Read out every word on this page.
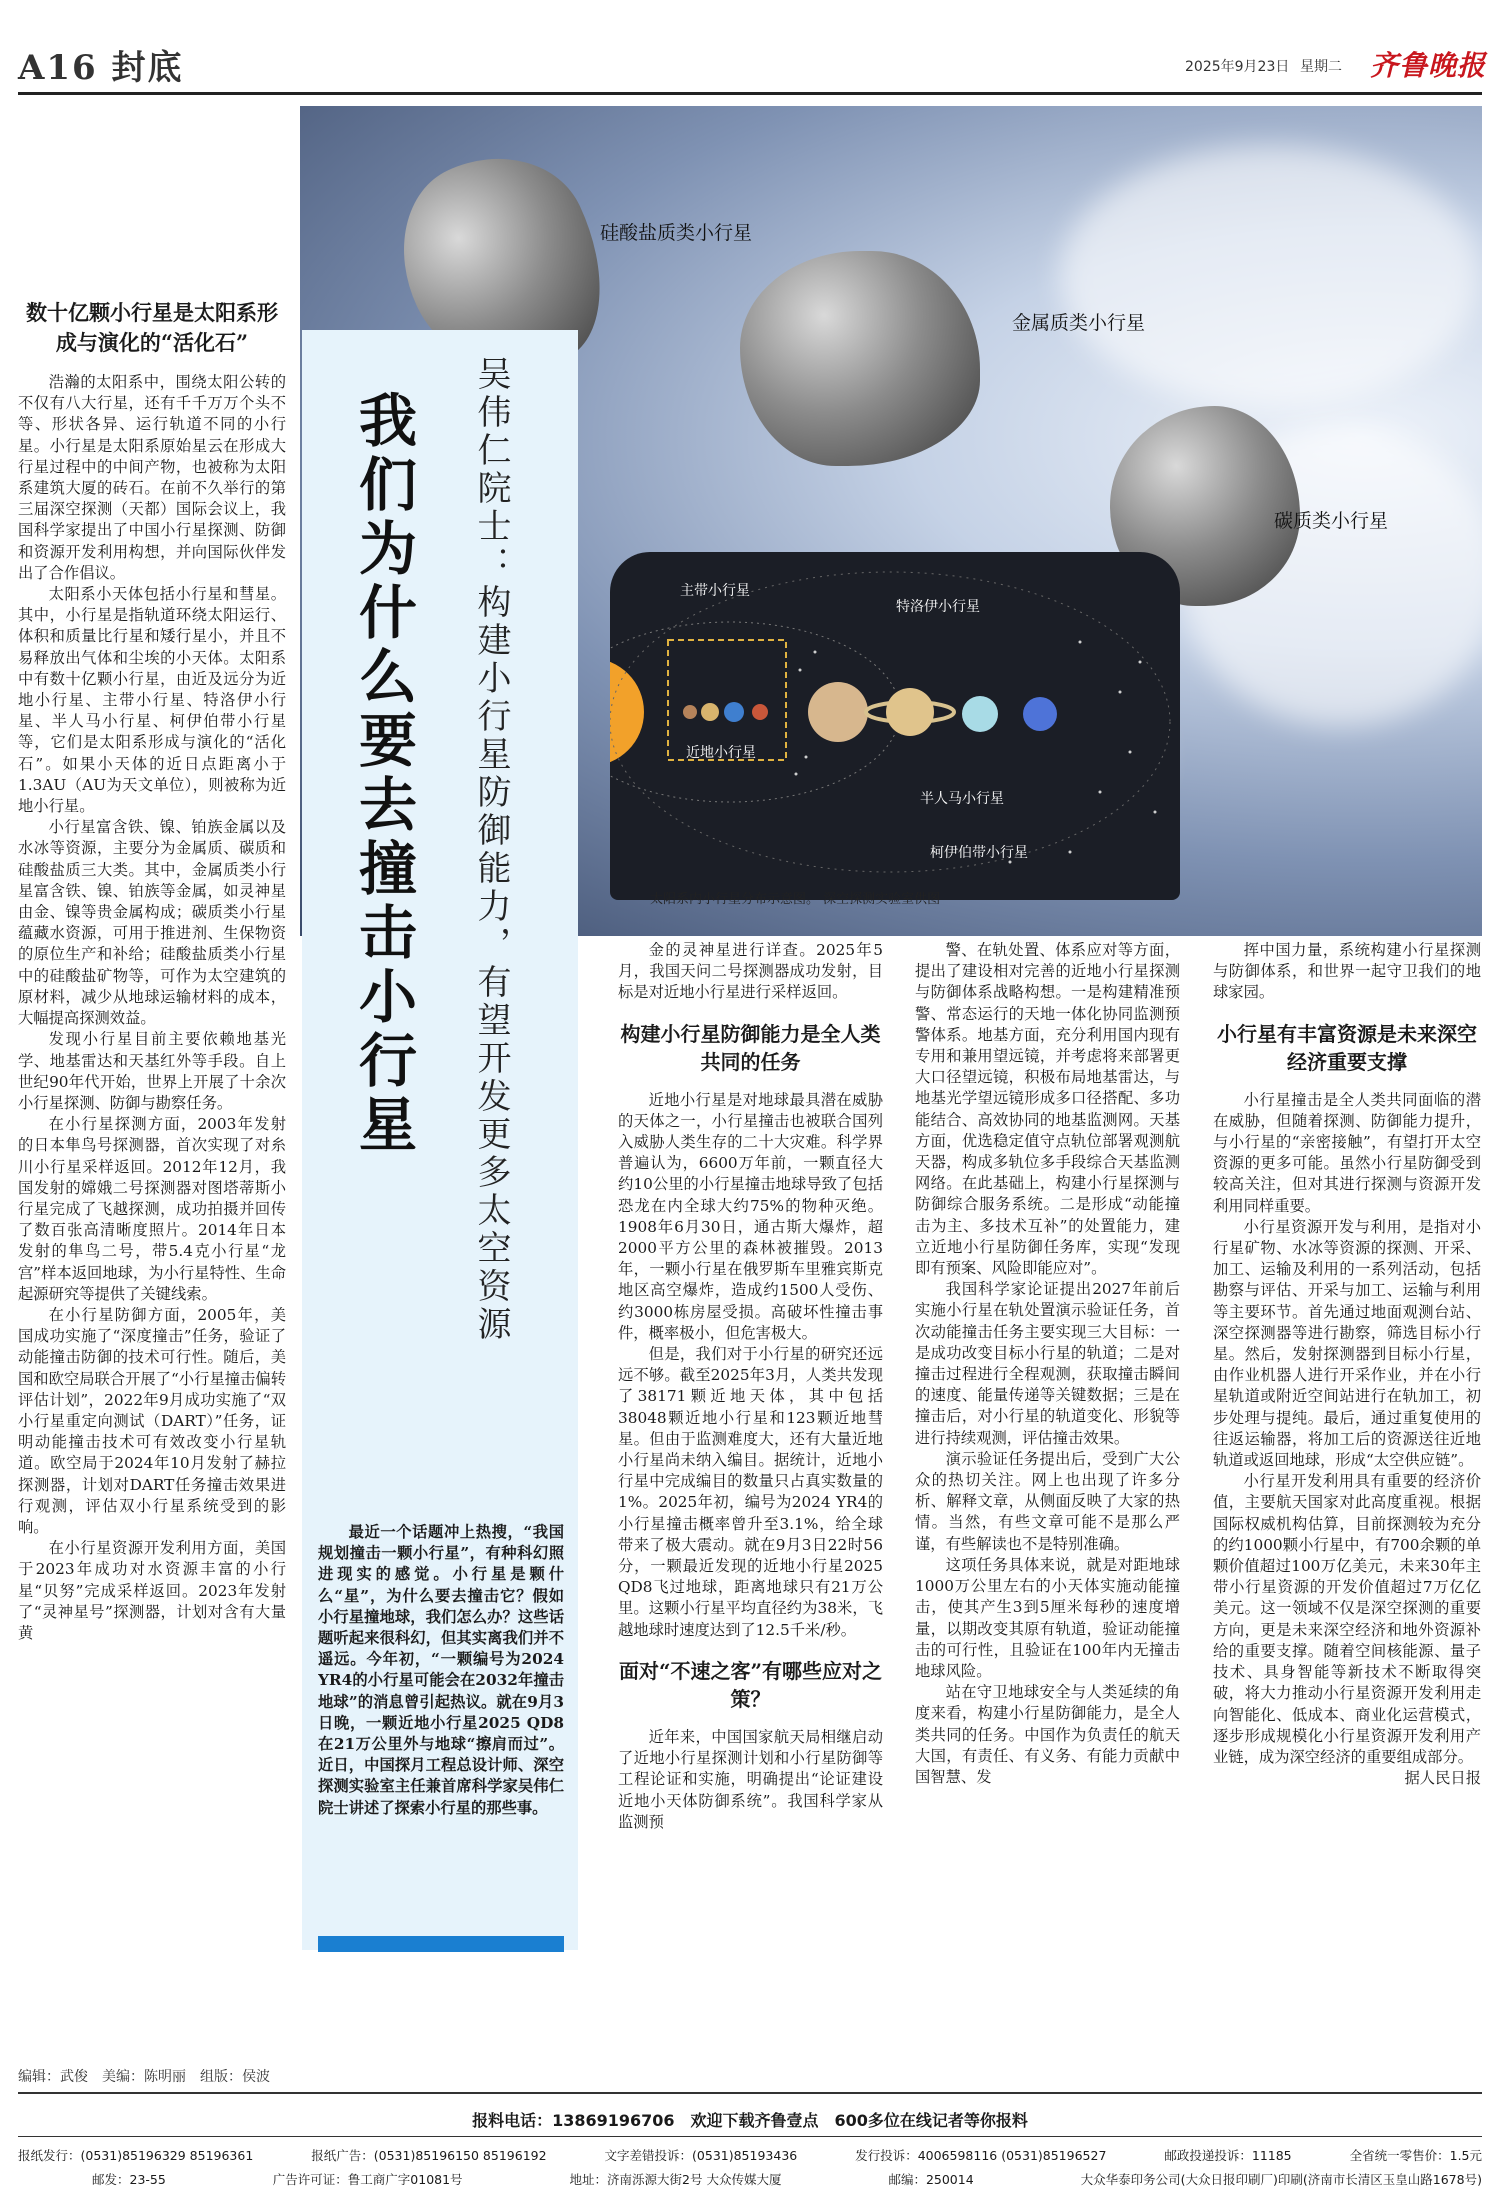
A16 封底	2025年9月23日 星期二 齐鲁晚报
硅酸盐质类小行星
金属质类小行星
碳质类小行星
主带小行星
特洛伊小行星
近地小行星
半人马小行星
柯伊伯带小行星
太阳系内小行星分布示意图。 深空探测实验室供图
数十亿颗小行星是太阳系形成与演化的“活化石”

浩瀚的太阳系中，围绕太阳公转的不仅有八大行星，还有千千万万个头不等、形状各异、运行轨道不同的小行星。小行星是太阳系原始星云在形成大行星过程中的中间产物，也被称为太阳系建筑大厦的砖石。在前不久举行的第三届深空探测（天都）国际会议上，我国科学家提出了中国小行星探测、防御和资源开发利用构想，并向国际伙伴发出了合作倡议。

太阳系小天体包括小行星和彗星。其中，小行星是指轨道环绕太阳运行、体积和质量比行星和矮行星小，并且不易释放出气体和尘埃的小天体。太阳系中有数十亿颗小行星，由近及远分为近地小行星、主带小行星、特洛伊小行星、半人马小行星、柯伊伯带小行星等，它们是太阳系形成与演化的“活化石”。如果小天体的近日点距离小于1.3AU（AU为天文单位），则被称为近地小行星。

小行星富含铁、镍、铂族金属以及水冰等资源，主要分为金属质、碳质和硅酸盐质三大类。其中，金属质类小行星富含铁、镍、铂族等金属，如灵神星由金、镍等贵金属构成；碳质类小行星蕴藏水资源，可用于推进剂、生保物资的原位生产和补给；硅酸盐质类小行星中的硅酸盐矿物等，可作为太空建筑的原材料，减少从地球运输材料的成本，大幅提高探测效益。

发现小行星目前主要依赖地基光学、地基雷达和天基红外等手段。自上世纪90年代开始，世界上开展了十余次小行星探测、防御与勘察任务。

在小行星探测方面，2003年发射的日本隼鸟号探测器，首次实现了对糸川小行星采样返回。2012年12月，我国发射的嫦娥二号探测器对图塔蒂斯小行星完成了飞越探测，成功拍摄并回传了数百张高清晰度照片。2014年日本发射的隼鸟二号，带5.4克小行星“龙宫”样本返回地球，为小行星特性、生命起源研究等提供了关键线索。

在小行星防御方面，2005年，美国成功实施了“深度撞击”任务，验证了动能撞击防御的技术可行性。随后，美国和欧空局联合开展了“小行星撞击偏转评估计划”，2022年9月成功实施了“双小行星重定向测试（DART）”任务，证明动能撞击技术可有效改变小行星轨道。欧空局于2024年10月发射了赫拉探测器，计划对DART任务撞击效果进行观测，评估双小行星系统受到的影响。

在小行星资源开发利用方面，美国于2023年成功对水资源丰富的小行星“贝努”完成采样返回。2023年发射了“灵神星号”探测器，计划对含有大量黄

我们为什么要去撞击小行星 吴伟仁院士：构建小行星防御能力，有望开发更多太空资源

最近一个话题冲上热搜，“我国规划撞击一颗小行星”，有种科幻照进现实的感觉。小行星是颗什么“星”，为什么要去撞击它？假如小行星撞地球，我们怎么办？这些话题听起来很科幻，但其实离我们并不遥远。今年初，“一颗编号为2024 YR4的小行星可能会在2032年撞击地球”的消息曾引起热议。就在9月3日晚，一颗近地小行星2025 QD8在21万公里外与地球“擦肩而过”。近日，中国探月工程总设计师、深空探测实验室主任兼首席科学家吴伟仁院士讲述了探索小行星的那些事。

金的灵神星进行详查。2025年5月，我国天问二号探测器成功发射，目标是对近地小行星进行采样返回。

构建小行星防御能力是全人类共同的任务

近地小行星是对地球最具潜在威胁的天体之一，小行星撞击也被联合国列入威胁人类生存的二十大灾难。科学界普遍认为，6600万年前，一颗直径大约10公里的小行星撞击地球导致了包括恐龙在内全球大约75%的物种灭绝。1908年6月30日，通古斯大爆炸，超2000平方公里的森林被摧毁。2013年，一颗小行星在俄罗斯车里雅宾斯克地区高空爆炸，造成约1500人受伤、约3000栋房屋受损。高破坏性撞击事件，概率极小，但危害极大。

但是，我们对于小行星的研究还远远不够。截至2025年3月，人类共发现了38171颗近地天体，其中包括38048颗近地小行星和123颗近地彗星。但由于监测难度大，还有大量近地小行星尚未纳入编目。据统计，近地小行星中完成编目的数量只占真实数量的1%。2025年初，编号为2024 YR4的小行星撞击概率曾升至3.1%，给全球带来了极大震动。就在9月3日22时56分，一颗最近发现的近地小行星2025 QD8飞过地球，距离地球只有21万公里。这颗小行星平均直径约为38米，飞越地球时速度达到了12.5千米/秒。

面对“不速之客”有哪些应对之策？

近年来，中国国家航天局相继启动了近地小行星探测计划和小行星防御等工程论证和实施，明确提出“论证建设近地小天体防御系统”。我国科学家从监测预

警、在轨处置、体系应对等方面，提出了建设相对完善的近地小行星探测与防御体系战略构想。一是构建精准预警、常态运行的天地一体化协同监测预警体系。地基方面，充分利用国内现有专用和兼用望远镜，并考虑将来部署更大口径望远镜，积极布局地基雷达，与地基光学望远镜形成多口径搭配、多功能结合、高效协同的地基监测网。天基方面，优选稳定值守点轨位部署观测航天器，构成多轨位多手段综合天基监测网络。在此基础上，构建小行星探测与防御综合服务系统。二是形成“动能撞击为主、多技术互补”的处置能力，建立近地小行星防御任务库，实现“发现即有预案、风险即能应对”。

我国科学家论证提出2027年前后实施小行星在轨处置演示验证任务，首次动能撞击任务主要实现三大目标：一是成功改变目标小行星的轨道；二是对撞击过程进行全程观测，获取撞击瞬间的速度、能量传递等关键数据；三是在撞击后，对小行星的轨道变化、形貌等进行持续观测，评估撞击效果。

演示验证任务提出后，受到广大公众的热切关注。网上也出现了许多分析、解释文章，从侧面反映了大家的热情。当然，有些文章可能不是那么严谨，有些解读也不是特别准确。

这项任务具体来说，就是对距地球1000万公里左右的小天体实施动能撞击，使其产生3到5厘米每秒的速度增量，以期改变其原有轨道，验证动能撞击的可行性，且验证在100年内无撞击地球风险。

站在守卫地球安全与人类延续的角度来看，构建小行星防御能力，是全人类共同的任务。中国作为负责任的航天大国，有责任、有义务、有能力贡献中国智慧、发

挥中国力量，系统构建小行星探测与防御体系，和世界一起守卫我们的地球家园。

小行星有丰富资源是未来深空经济重要支撑

小行星撞击是全人类共同面临的潜在威胁，但随着探测、防御能力提升，与小行星的“亲密接触”，有望打开太空资源的更多可能。虽然小行星防御受到较高关注，但对其进行探测与资源开发利用同样重要。

小行星资源开发与利用，是指对小行星矿物、水冰等资源的探测、开采、加工、运输及利用的一系列活动，包括勘察与评估、开采与加工、运输与利用等主要环节。首先通过地面观测台站、深空探测器等进行勘察，筛选目标小行星。然后，发射探测器到目标小行星，由作业机器人进行开采作业，并在小行星轨道或附近空间站进行在轨加工，初步处理与提纯。最后，通过重复使用的往返运输器，将加工后的资源送往近地轨道或返回地球，形成“太空供应链”。

小行星开发利用具有重要的经济价值，主要航天国家对此高度重视。根据国际权威机构估算，目前探测较为充分的约1000颗小行星中，有700余颗的单颗价值超过100万亿美元，未来30年主带小行星资源的开发价值超过7万亿亿美元。这一领域不仅是深空探测的重要方向，更是未来深空经济和地外资源补给的重要支撑。随着空间核能源、量子技术、具身智能等新技术不断取得突破，将大力推动小行星资源开发利用走向智能化、低成本、商业化运营模式，逐步形成规模化小行星资源开发利用产业链，成为深空经济的重要组成部分。

据人民日报

编辑：武俊　美编：陈明丽　组版：侯波
报料电话：13869196706　欢迎下载齐鲁壹点　600多位在线记者等你报料
报纸发行：(0531)85196329 85196361	报纸广告：(0531)85196150 85196192	文字差错投诉：(0531)85193436	发行投诉：4006598116 (0531)85196527	邮政投递投诉：11185	全省统一零售价：1.5元
邮发：23-55	广告许可证：鲁工商广字01081号	地址：济南泺源大街2号 大众传媒大厦	邮编：250014	大众华泰印务公司(大众日报印刷厂)印刷(济南市长清区玉皇山路1678号)
